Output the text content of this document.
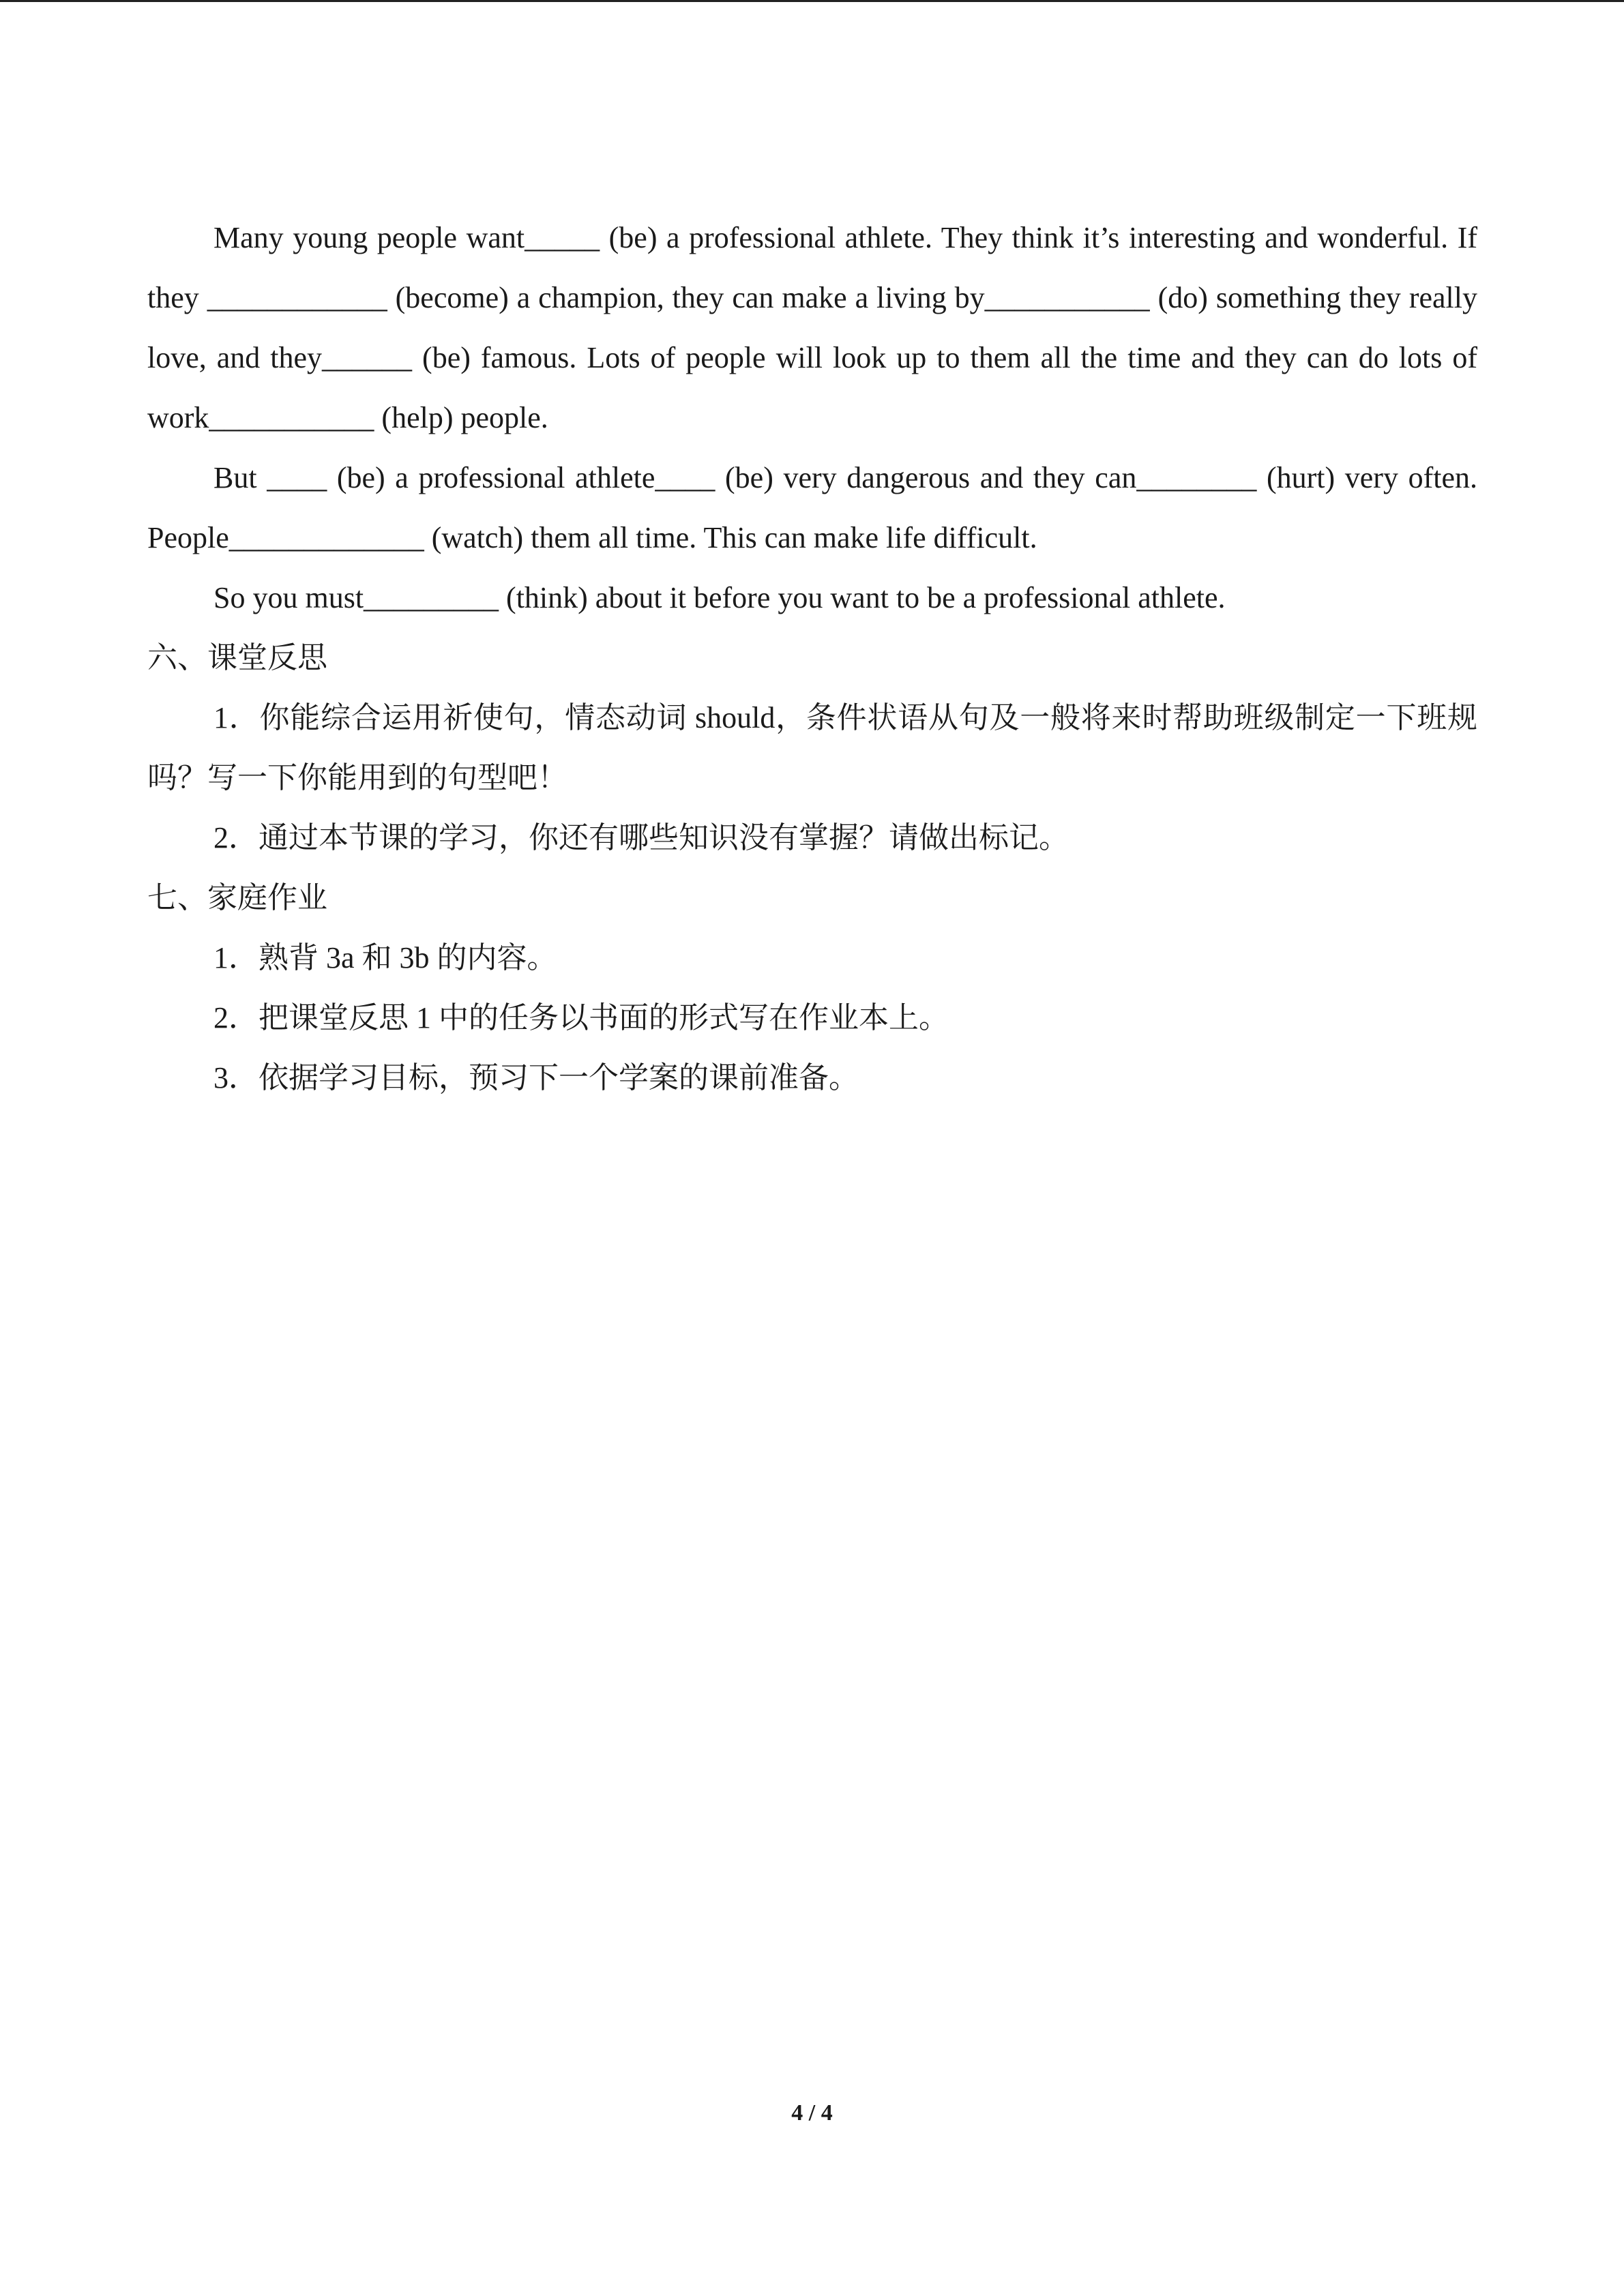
Many young people want_____ (be) a professional athlete. They think it’s interesting and wonderful. If they ____________ (become) a champion, they can make a living by___________ (do) something they really love, and they______ (be) famous. Lots of people will look up to them all the time and they can do lots of work___________ (help) people.

But ____ (be) a professional athlete____ (be) very dangerous and they can________ (hurt) very often. People_____________ (watch) them all time. This can make life difficult.

So you must_________ (think) about it before you want to be a professional athlete.

六、课堂反思

1．你能综合运用祈使句，情态动词 should，条件状语从句及一般将来时帮助班级制定一下班规吗？写一下你能用到的句型吧！

2．通过本节课的学习，你还有哪些知识没有掌握？请做出标记。

七、家庭作业

1．熟背 3a 和 3b 的内容。

2．把课堂反思 1 中的任务以书面的形式写在作业本上。

3．依据学习目标，预习下一个学案的课前准备。

4 / 4
